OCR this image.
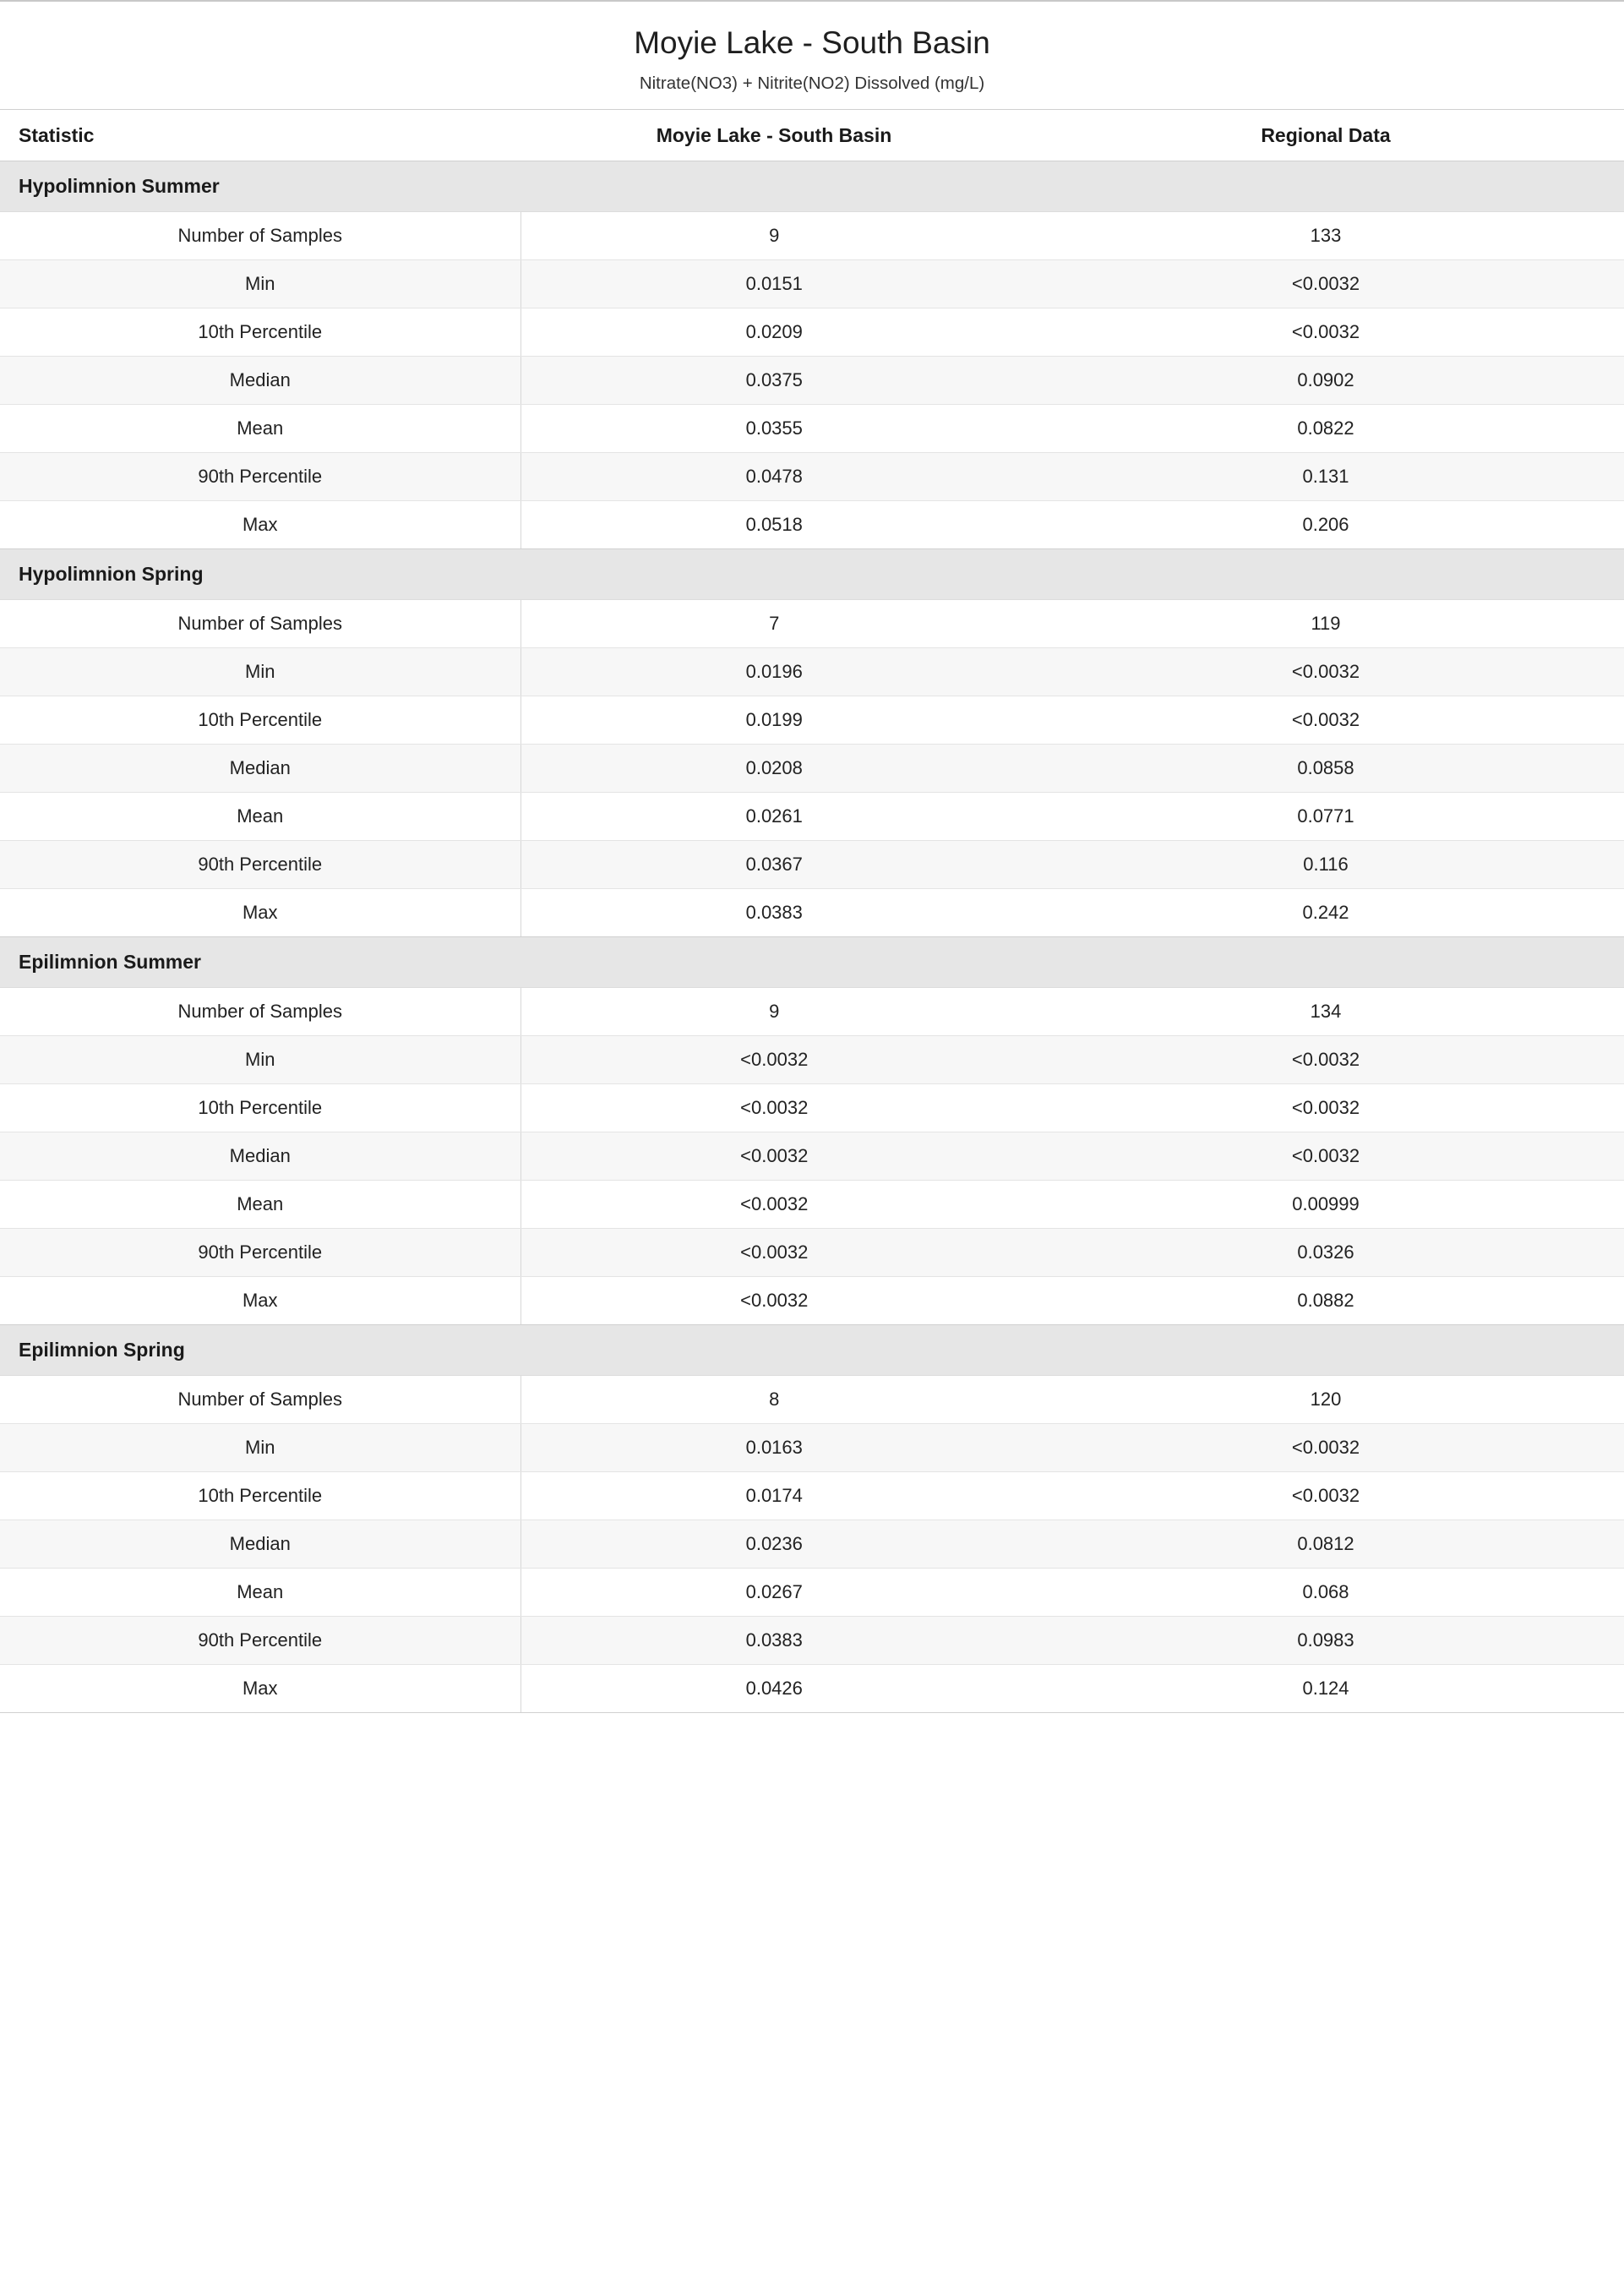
Moyie Lake - South Basin
Nitrate(NO3) + Nitrite(NO2) Dissolved (mg/L)
Statistic	Moyie Lake - South Basin	Regional Data
Hypolimnion Summer		
Number of Samples	9	133
Min	0.0151	<0.0032
10th Percentile	0.0209	<0.0032
Median	0.0375	0.0902
Mean	0.0355	0.0822
90th Percentile	0.0478	0.131
Max	0.0518	0.206
Hypolimnion Spring		
Number of Samples	7	119
Min	0.0196	<0.0032
10th Percentile	0.0199	<0.0032
Median	0.0208	0.0858
Mean	0.0261	0.0771
90th Percentile	0.0367	0.116
Max	0.0383	0.242
Epilimnion Summer		
Number of Samples	9	134
Min	<0.0032	<0.0032
10th Percentile	<0.0032	<0.0032
Median	<0.0032	<0.0032
Mean	<0.0032	0.00999
90th Percentile	<0.0032	0.0326
Max	<0.0032	0.0882
Epilimnion Spring		
Number of Samples	8	120
Min	0.0163	<0.0032
10th Percentile	0.0174	<0.0032
Median	0.0236	0.0812
Mean	0.0267	0.068
90th Percentile	0.0383	0.0983
Max	0.0426	0.124
